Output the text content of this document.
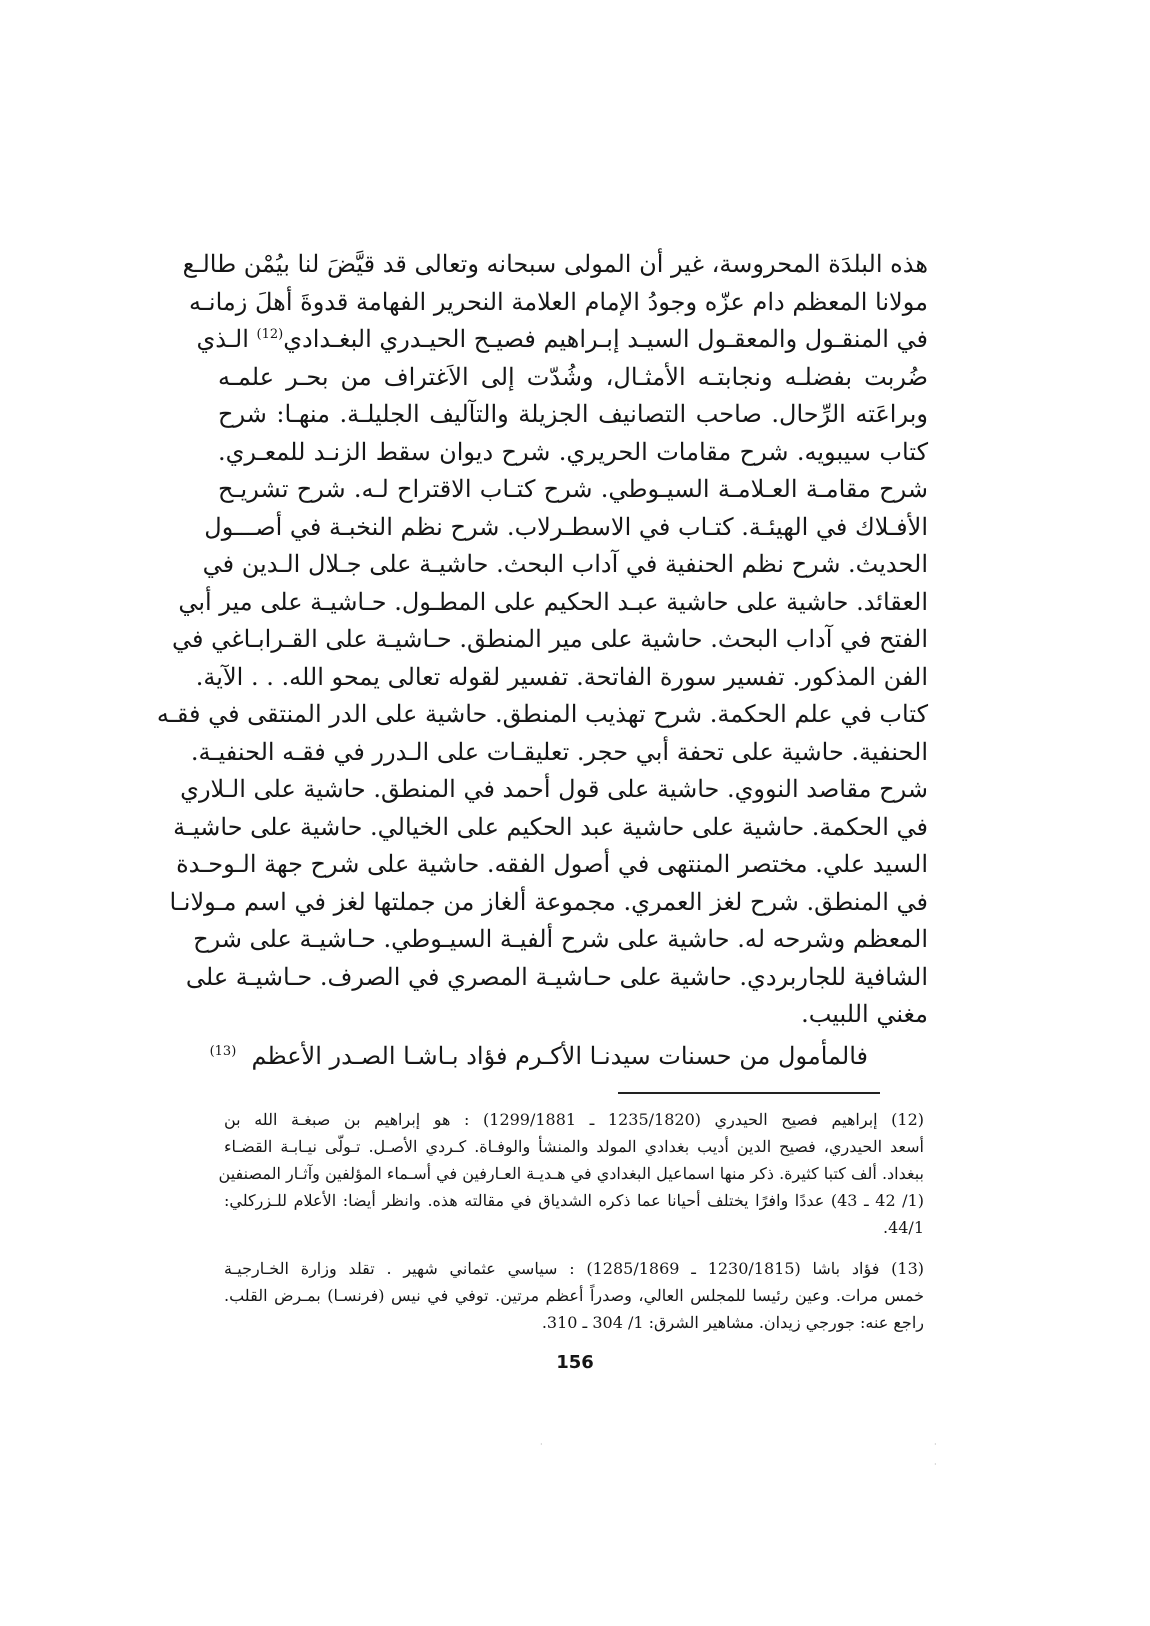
هذه البلدَة المحروسة، غير أن المولى سبحانه وتعالى قد قيَّضَ لنا بيُمْن طالـع
مولانا المعظم دام عزّه وجودُ الإمام العلامة النحرير الفهامة قدوةَ أهلَ زمانـه
في المنقـول والمعقـول السيـد إبـراهيم فصيـح الحيـدري البغـدادي$^{(12)}$ الـذي
ضُربت بفضلـه ونجابتـه الأمثـال، وشُدّت إلى الاَغتراف من بحـر علمـه
وبراعَته الرِّحال. صاحب التصانيف الجزيلة والتآليف الجليلـة. منهـا: شرح
كتاب سيبويه. شرح مقامات الحريري. شرح ديوان سقط الزنـد للمعـري.
شرح مقامـة العـلامـة السيـوطي. شرح كتـاب الاقتراح لـه. شرح تشريـح
الأفـلاك في الهيئـة. كتـاب في الاسطـرلاب. شرح نظم النخبـة في أصـــول
الحديث. شرح نظم الحنفية في آداب البحث. حاشيـة على جـلال الـدين في
العقائد. حاشية على حاشية عبـد الحكيم على المطـول. حـاشيـة على مير أبي
الفتح في آداب البحث. حاشية على مير المنطق. حـاشيـة على القـرابـاغي في
الفن المذكور. تفسير سورة الفاتحة. تفسير لقوله تعالى يمحو الله. . . الآية.
كتاب في علم الحكمة. شرح تهذيب المنطق. حاشية على الدر المنتقى في فقـه
الحنفية. حاشية على تحفة أبي حجر. تعليقـات على الـدرر في فقـه الحنفيـة.
شرح مقاصد النووي. حاشية على قول أحمد في المنطق. حاشية على الـلاري
في الحكمة. حاشية على حاشية عبد الحكيم على الخيالي. حاشية على حاشيـة
السيد علي. مختصر المنتهى في أصول الفقه. حاشية على شرح جهة الـوحـدة
في المنطق. شرح لغز العمري. مجموعة ألغاز من جملتها لغز في اسم مـولانـا
المعظم وشرحه له. حاشية على شرح ألفيـة السيـوطي. حـاشيـة على شرح
الشافية للجاربردي. حاشية على حـاشيـة المصري في الصرف. حـاشيـة على
مغني اللبيب.
فالمأمول من حسنات سيدنـا الأكـرم فؤاد بـاشـا الصـدر الأعظم  $^{(13)}$
(12) إبراهيم فصيح الحيدري (1235/1820 ـ 1299/1881) : هو إبراهيم بن صبغـة الله بن
أسعد الحيدري، فصيح الدين أديب بغدادي المولد والمنشأ والوفـاة. كـردي الأصـل. تـولّى نيـابـة القضـاء
ببغداد. ألف كتبا كثيرة. ذكر منها اسماعيل البغدادي في هـديـة العـارفين في أسـماء المؤلفين وآثـار المصنفين
(1/ 42 ـ 43) عددًا وافرًا يختلف أحيانا عما ذكره الشدياق في مقالته هذه. وانظر أيضا: الأعلام للـزركلي:
44/1.
(13) فؤاد باشا (1230/1815 ـ 1285/1869) : سياسي عثماني شهير . تقلد وزارة الخـارجيـة
خمس مرات. وعين رئيسا للمجلس العالي، وصدراً أعظم مرتين. توفي في نيس (فرنسـا) بمـرض القلب.
راجع عنه: جورجي زيدان. مشاهير الشرق: 1/ 304 ـ 310.
156
·	·
·
